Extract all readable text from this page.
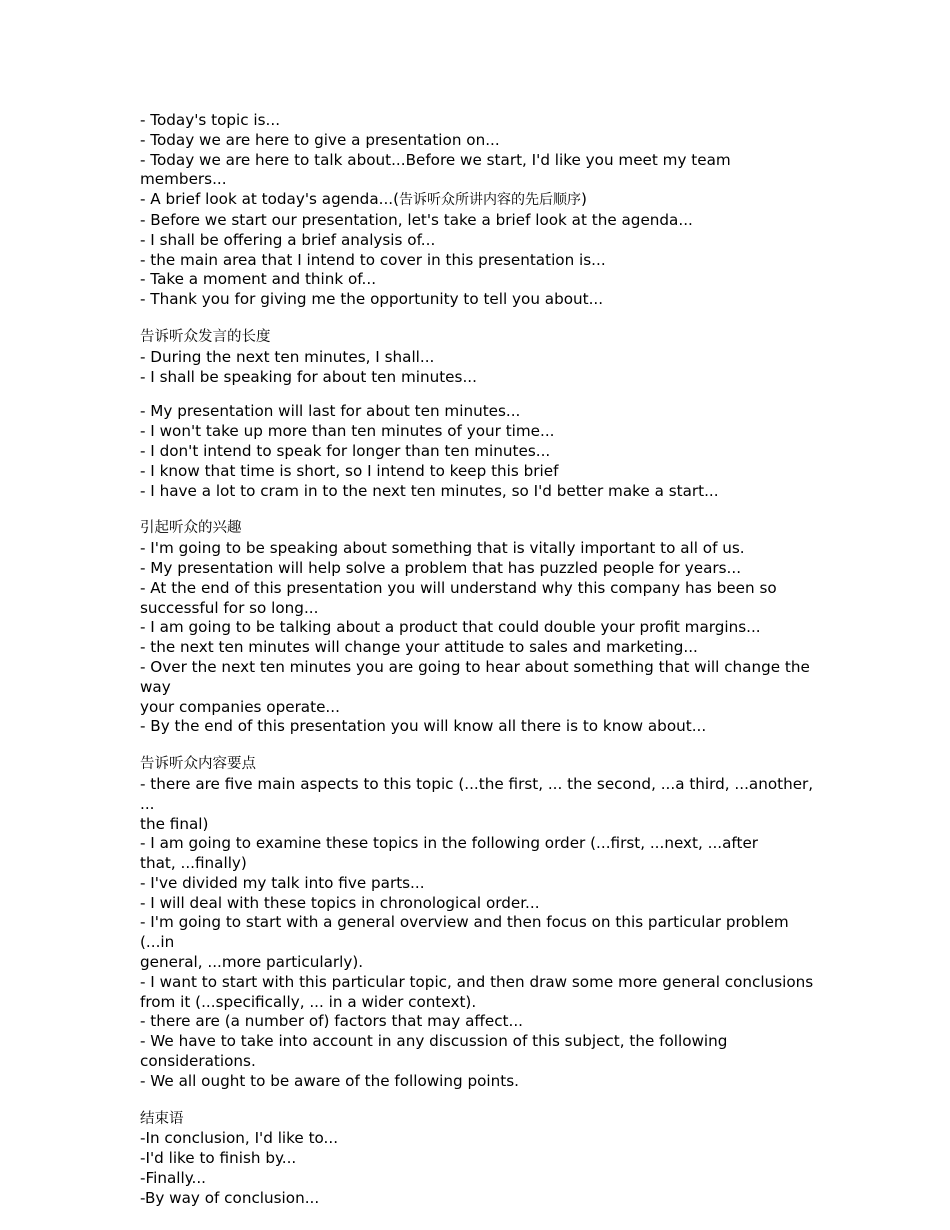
- Today's topic is...

- Today we are here to give a presentation on...

- Today we are here to talk about...Before we start, I'd like you meet my team members...

- A brief look at today's agenda...(告诉听众所讲内容的先后顺序)

- Before we start our presentation, let's take a brief look at the agenda...

- I shall be offering a brief analysis of...

- the main area that I intend to cover in this presentation is...

- Take a moment and think of...

- Thank you for giving me the opportunity to tell you about...

告诉听众发言的长度

- During the next ten minutes, I shall...

- I shall be speaking for about ten minutes...

- My presentation will last for about ten minutes...

- I won't take up more than ten minutes of your time...

- I don't intend to speak for longer than ten minutes...

- I know that time is short, so I intend to keep this brief

- I have a lot to cram in to the next ten minutes, so I'd better make a start...

引起听众的兴趣

- I'm going to be speaking about something that is vitally important to all of us.

- My presentation will help solve a problem that has puzzled people for years...

- At the end of this presentation you will understand why this company has been so

successful for so long...

- I am going to be talking about a product that could double your profit margins...

- the next ten minutes will change your attitude to sales and marketing...

- Over the next ten minutes you are going to hear about something that will change the way

your companies operate...

- By the end of this presentation you will know all there is to know about...

告诉听众内容要点

- there are five main aspects to this topic (...the first, ... the second, ...a third, ...another, ...

the final)

- I am going to examine these topics in the following order (...first, ...next, ...after

that, ...finally)

- I've divided my talk into five parts...

- I will deal with these topics in chronological order...

- I'm going to start with a general overview and then focus on this particular problem (...in

general, ...more particularly).

- I want to start with this particular topic, and then draw some more general conclusions

from it (...specifically, ... in a wider context).

- there are (a number of) factors that may affect...

- We have to take into account in any discussion of this subject, the following considerations.

- We all ought to be aware of the following points.

结束语

-In conclusion, I'd like to...

-I'd like to finish by...

-Finally...

-By way of conclusion...
